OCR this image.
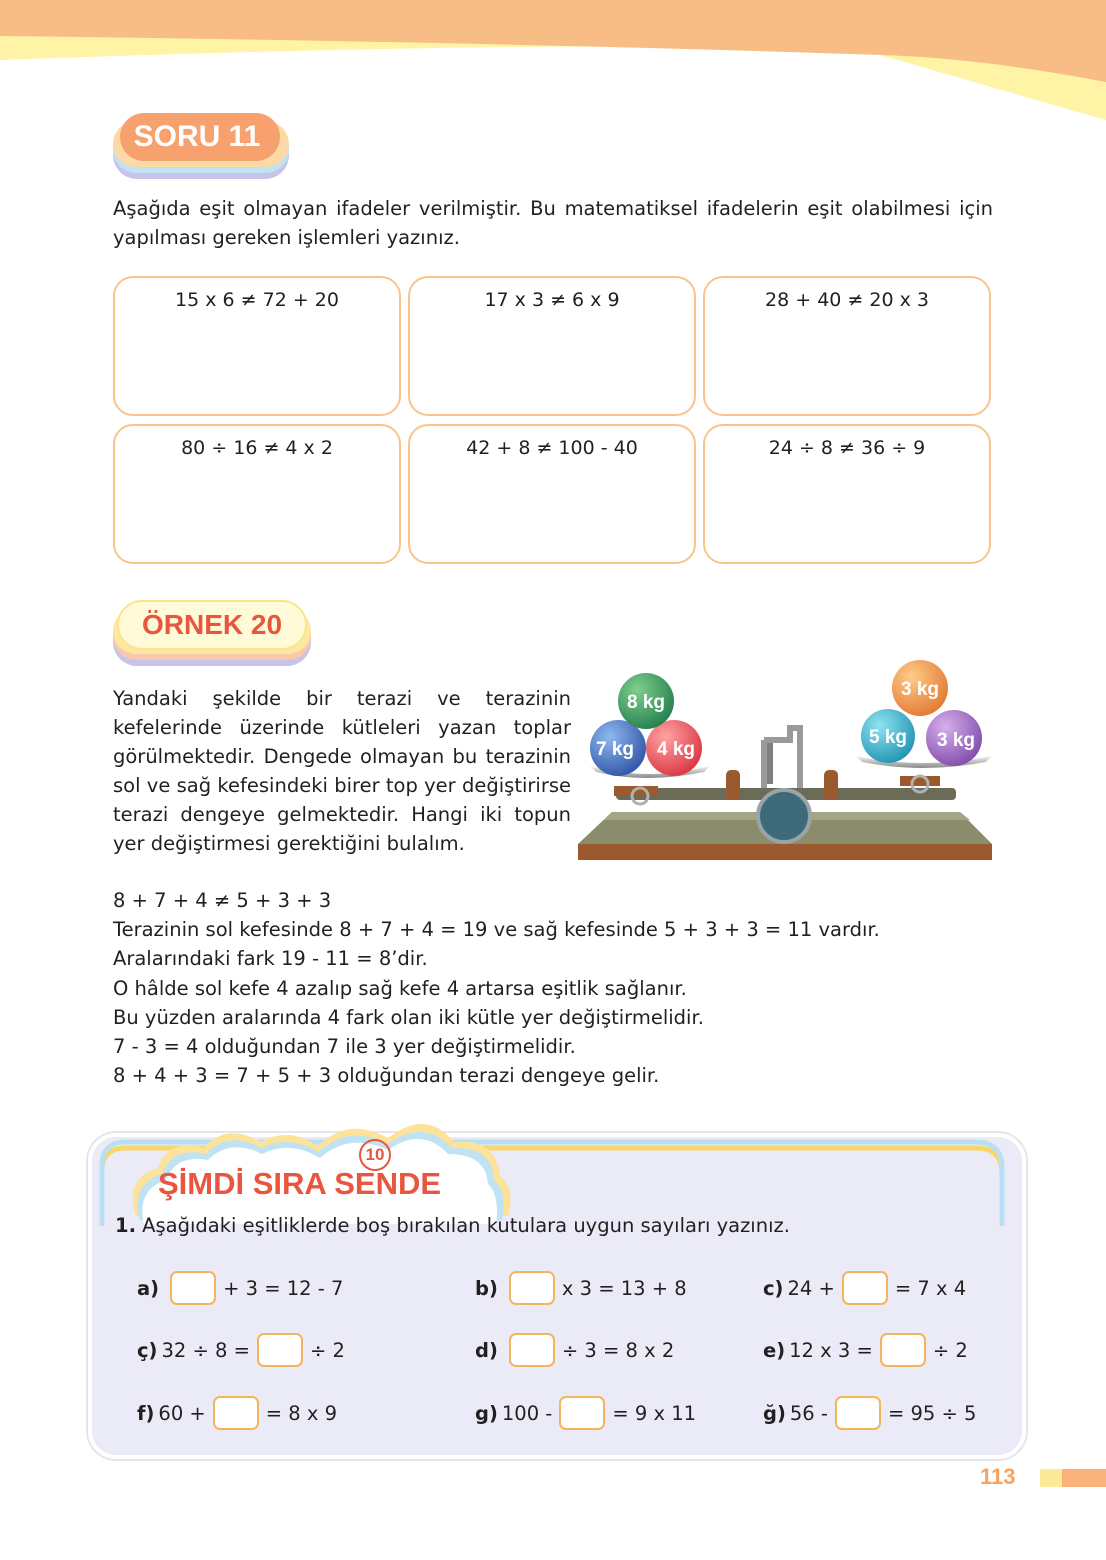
SORU 11
Aşağıda eşit olmayan ifadeler verilmiştir. Bu matematiksel ifadelerin eşit olabilmesi için yapılması gereken işlemleri yazınız.
15 x 6 ≠ 72 + 20	17 x 3 ≠ 6 x 9	28 + 40 ≠ 20 x 3
80 ÷ 16 ≠ 4 x 2	42 + 8 ≠ 100 - 40	24 ÷ 8 ≠ 36 ÷ 9
ÖRNEK 20
Yandaki şekilde bir terazi ve terazinin kefelerinde üzerinde kütleleri yazan toplar görülmektedir. Dengede olmayan bu terazinin sol ve sağ kefesindeki birer top yer değiştirirse terazi dengeye gelmektedir. Hangi iki topun yer değiştirmesi gerektiğini bulalım.
8 kg
7 kg 4 kg
3 kg
5 kg 3 kg
8 + 7 + 4 ≠ 5 + 3 + 3
Terazinin sol kefesinde 8 + 7 + 4 = 19 ve sağ kefesinde 5 + 3 + 3 = 11 vardır.
Aralarındaki fark 19 - 11 = 8’dir.
O hâlde sol kefe 4 azalıp sağ kefe 4 artarsa eşitlik sağlanır.
Bu yüzden aralarında 4 fark olan iki kütle yer değiştirmelidir.
7 - 3 = 4 olduğundan 7 ile 3 yer değiştirmelidir.
8 + 4 + 3 = 7 + 5 + 3 olduğundan terazi dengeye gelir.
10
ŞİMDİ SIRA SENDE
1. Aşağıdaki eşitliklerde boş bırakılan kutulara uygun sayıları yazınız.
a)	+ 3 = 12 - 7	b)	x 3 = 13 + 8	c) 24 +	= 7 x 4
ç) 32 ÷ 8 =	÷ 2	d)	÷ 3 = 8 x 2	e) 12 x 3 =	÷ 2
f) 60 +	= 8 x 9	g) 100 -	= 9 x 11	ğ) 56 -	= 95 ÷ 5
113
